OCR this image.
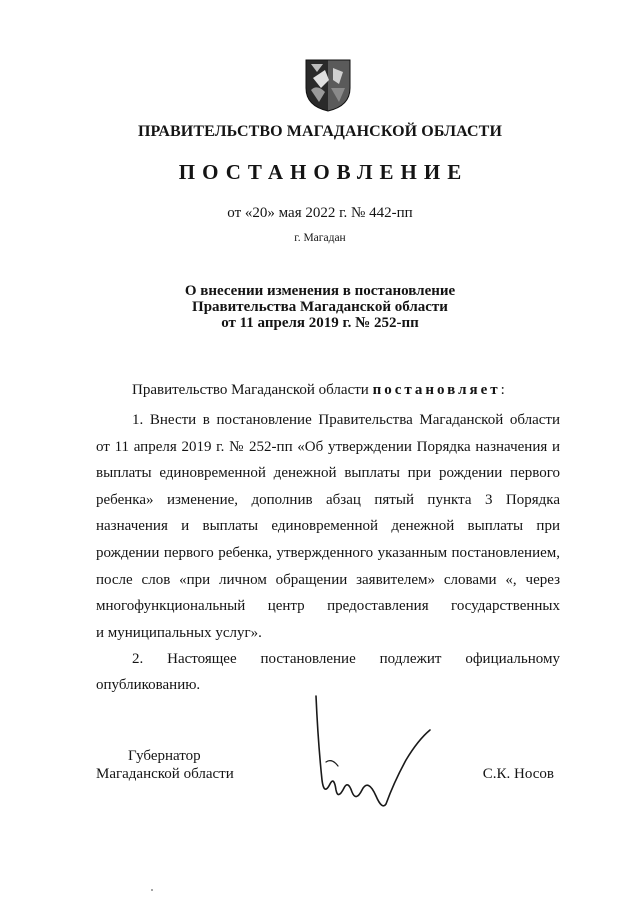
ПРАВИТЕЛЬСТВО МАГАДАНСКОЙ ОБЛАСТИ
ПОСТАНОВЛЕНИЕ
от «20» мая 2022 г. № 442-пп
г. Магадан
О внесении изменения в постановление
Правительства Магаданской области
от 11 апреля 2019 г. № 252-пп
Правительство Магаданской области постановляет:
1. Внести в постановление Правительства Магаданской области от 11 апреля 2019 г. № 252-пп «Об утверждении Порядка назначения и выплаты единовременной денежной выплаты при рождении первого ребенка» изменение, дополнив абзац пятый пункта 3 Порядка назначения и выплаты единовременной денежной выплаты при рождении первого ребенка, утвержденного указанным постановлением, после слов «при личном обращении заявителем» словами «, через многофункциональный центр предоставления государственных
и муниципальных услуг».
2. Настоящее постановление подлежит официальному опубликованию.
Губернатор
Магаданской области	С.К. Носов
